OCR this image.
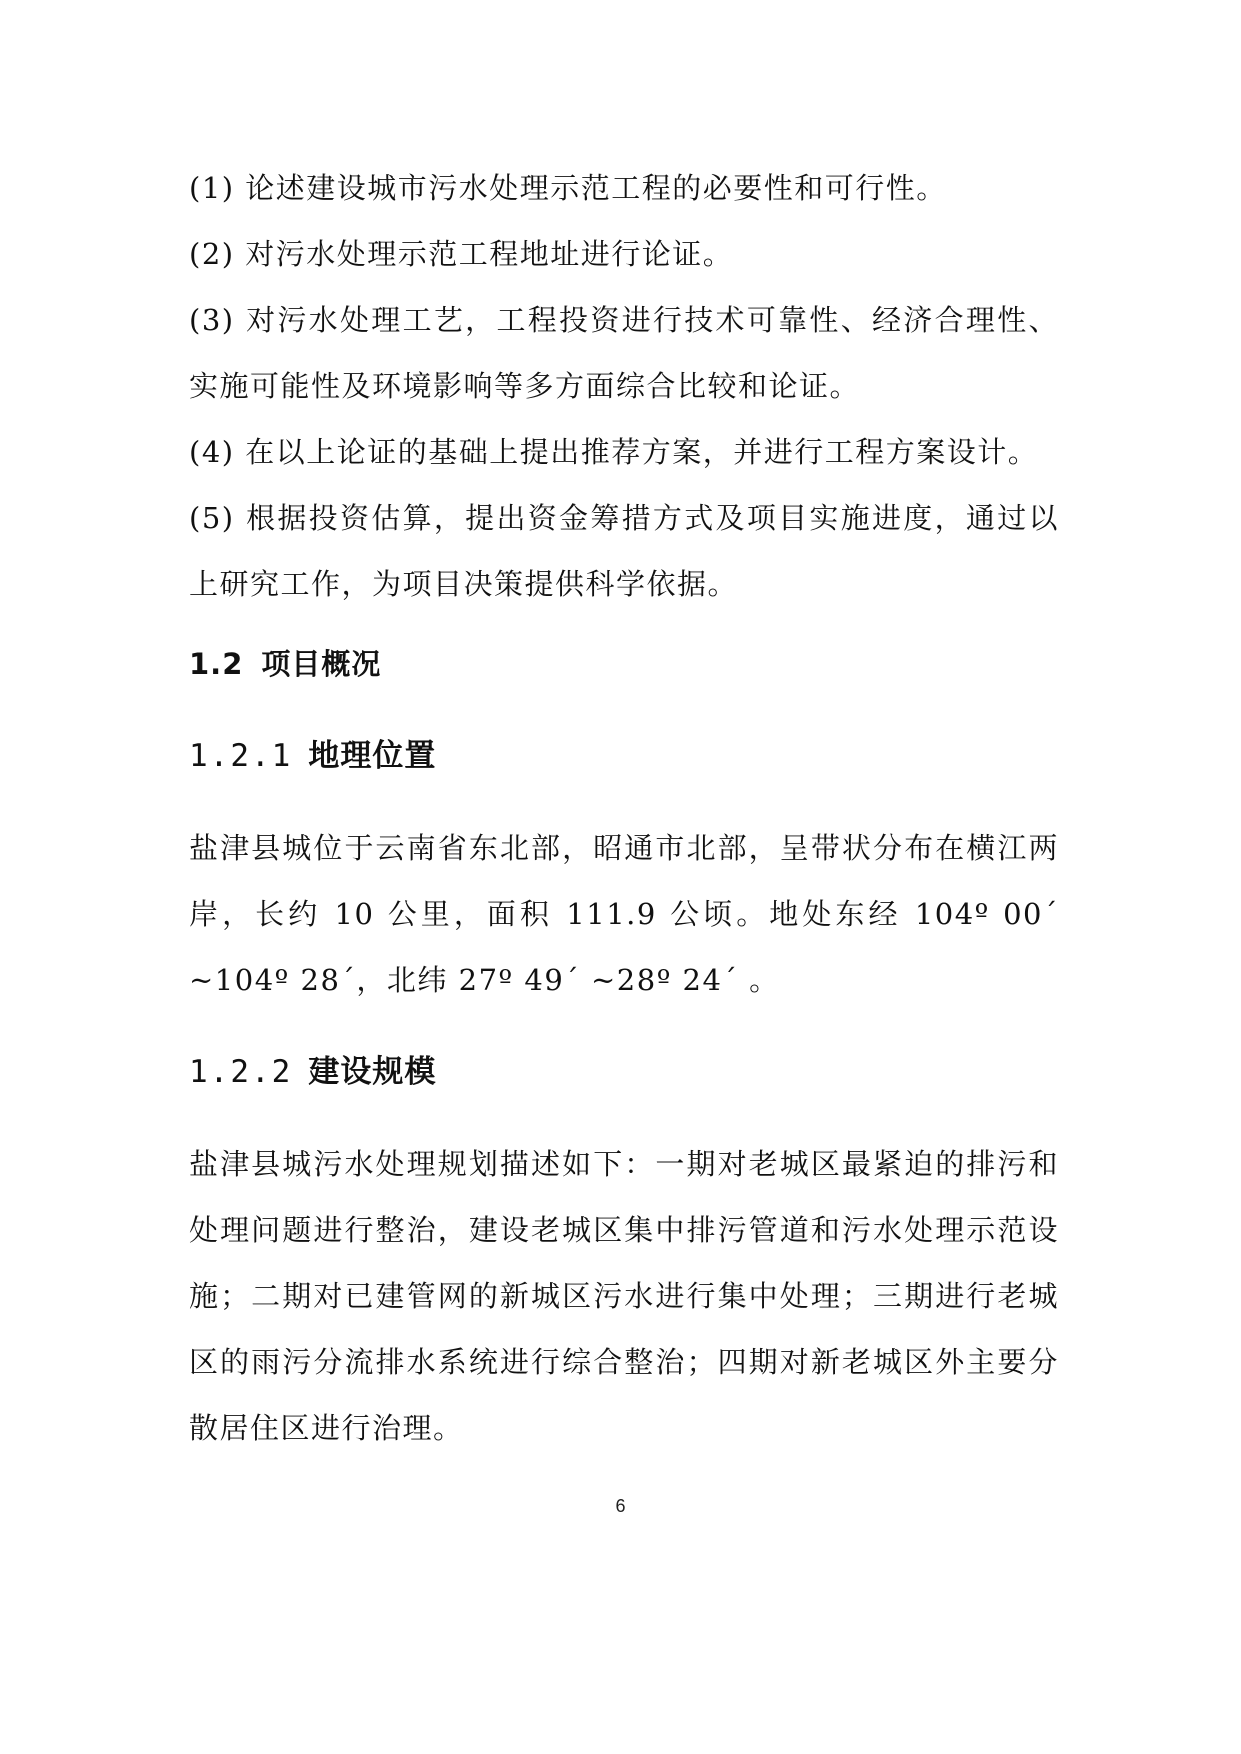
(1) 论述建设城市污水处理示范工程的必要性和可行性。

(2) 对污水处理示范工程地址进行论证。

(3) 对污水处理工艺，工程投资进行技术可靠性、经济合理性、实施可能性及环境影响等多方面综合比较和论证。

(4) 在以上论证的基础上提出推荐方案，并进行工程方案设计。

(5) 根据投资估算，提出资金筹措方式及项目实施进度，通过以上研究工作，为项目决策提供科学依据。

1.2 项目概况
1.2.1 地理位置

盐津县城位于云南省东北部，昭通市北部，呈带状分布在横江两岸，长约 10 公里，面积 111.9 公顷。地处东经 104º 00´ ~104º 28´，北纬 27º 49´ ~28º 24´ 。

1.2.2 建设规模

盐津县城污水处理规划描述如下：一期对老城区最紧迫的排污和处理问题进行整治，建设老城区集中排污管道和污水处理示范设施；二期对已建管网的新城区污水进行集中处理；三期进行老城区的雨污分流排水系统进行综合整治；四期对新老城区外主要分散居住区进行治理。

6
